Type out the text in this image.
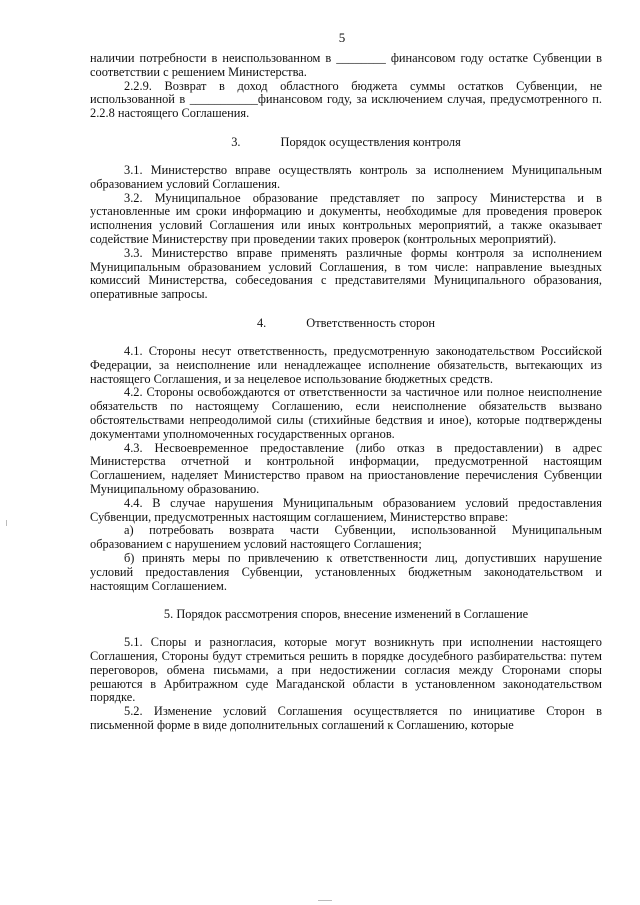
5

наличии потребности в неиспользованном в ________ финансовом году остатке Субвенции в соответствии с решением Министерства.

2.2.9. Возврат в доход областного бюджета суммы остатков Субвенции, не использованной в ___________финансовом году, за исключением случая, предусмотренного п. 2.2.8 настоящего Соглашения.

3.	Порядок осуществления контроля

3.1. Министерство вправе осуществлять контроль за исполнением Муниципальным образованием условий Соглашения.

3.2. Муниципальное образование представляет по запросу Министерства и в установленные им сроки информацию и документы, необходимые для проведения проверок исполнения условий Соглашения или иных контрольных мероприятий, а также оказывает содействие Министерству при проведении таких проверок (контрольных мероприятий).

3.3. Министерство вправе применять различные формы контроля за исполнением Муниципальным образованием условий Соглашения, в том числе: направление выездных комиссий Министерства, собеседования с представителями Муниципального образования, оперативные запросы.

4.	Ответственность сторон

4.1. Стороны несут ответственность, предусмотренную законодательством Российской Федерации, за неисполнение или ненадлежащее исполнение обязательств, вытекающих из настоящего Соглашения, и за нецелевое использование бюджетных средств.

4.2. Стороны освобождаются от ответственности за частичное или полное неисполнение обязательств по настоящему Соглашению, если неисполнение обязательств вызвано обстоятельствами непреодолимой силы (стихийные бедствия и иное), которые подтверждены документами уполномоченных государственных органов.

4.3. Несвоевременное предоставление (либо отказ в предоставлении) в адрес Министерства отчетной и контрольной информации, предусмотренной настоящим Соглашением, наделяет Министерство правом на приостановление перечисления Субвенции Муниципальному образованию.

4.4. В случае нарушения Муниципальным образованием условий предоставления Субвенции, предусмотренных настоящим соглашением, Министерство вправе:

а) потребовать возврата части Субвенции, использованной Муниципальным образованием с нарушением условий настоящего Соглашения;

б) принять меры по привлечению к ответственности лиц, допустивших нарушение условий предоставления Субвенции, установленных бюджетным законодательством и настоящим Соглашением.

5. Порядок рассмотрения споров, внесение изменений в Соглашение

5.1. Споры и разногласия, которые могут возникнуть при исполнении настоящего Соглашения, Стороны будут стремиться решить в порядке досудебного разбирательства: путем переговоров, обмена письмами, а при недостижении согласия между Сторонами споры решаются в Арбитражном суде Магаданской области в установленном законодательством порядке.

5.2. Изменение условий Соглашения осуществляется по инициативе Сторон в письменной форме в виде дополнительных соглашений к Соглашению, которые
